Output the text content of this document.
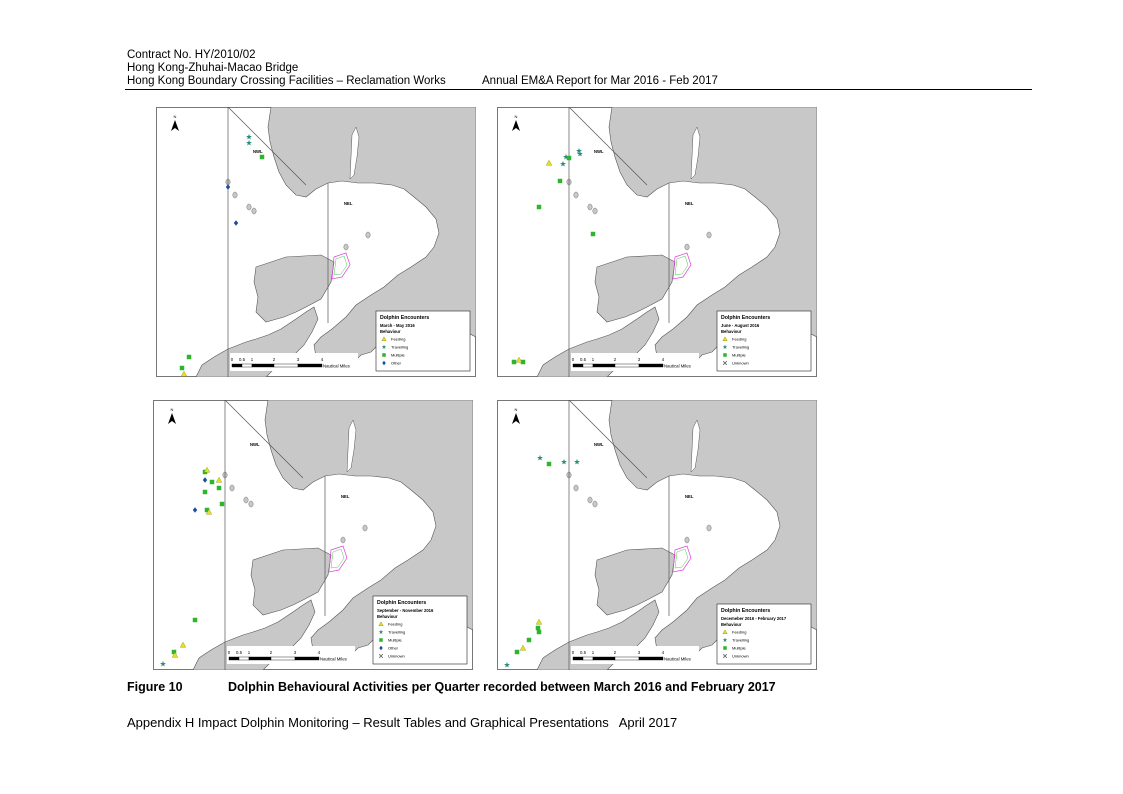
Contract No. HY/2010/02
Hong Kong-Zhuhai-Macao Bridge
Hong Kong Boundary Crossing Facilities – Reclamation Works	Annual EM&A Report for Mar 2016 - Feb 2017
N
NWL
NEL
Dolphin Encounters
March - May 2016
Behaviour
Feeding
Travelling
Multiple
Other
0 0.5 1	2	3	4
Nautical Miles
N
NWL
NEL
Dolphin Encounters
June - August 2016
Behaviour
Feeding
Travelling
Multiple
Unknown
0 0.5 1	2	3	4
Nautical Miles
N
NWL
NEL
Dolphin Encounters
September - November 2016
Behaviour
Feeding
Travelling
Multiple
Other
Unknown
0 0.5 1	2	3	4
Nautical Miles
N
NWL
NEL
Dolphin Encounters
Decemeber 2016 - February 2017
Behaviour
Feeding
Travelling
Multiple
Unknown
0 0.5 1	2	3	4
Nautical Miles
Figure 10	Dolphin Behavioural Activities per Quarter recorded between March 2016 and February 2017
Appendix H Impact Dolphin Monitoring – Result Tables and Graphical Presentations April 2017
